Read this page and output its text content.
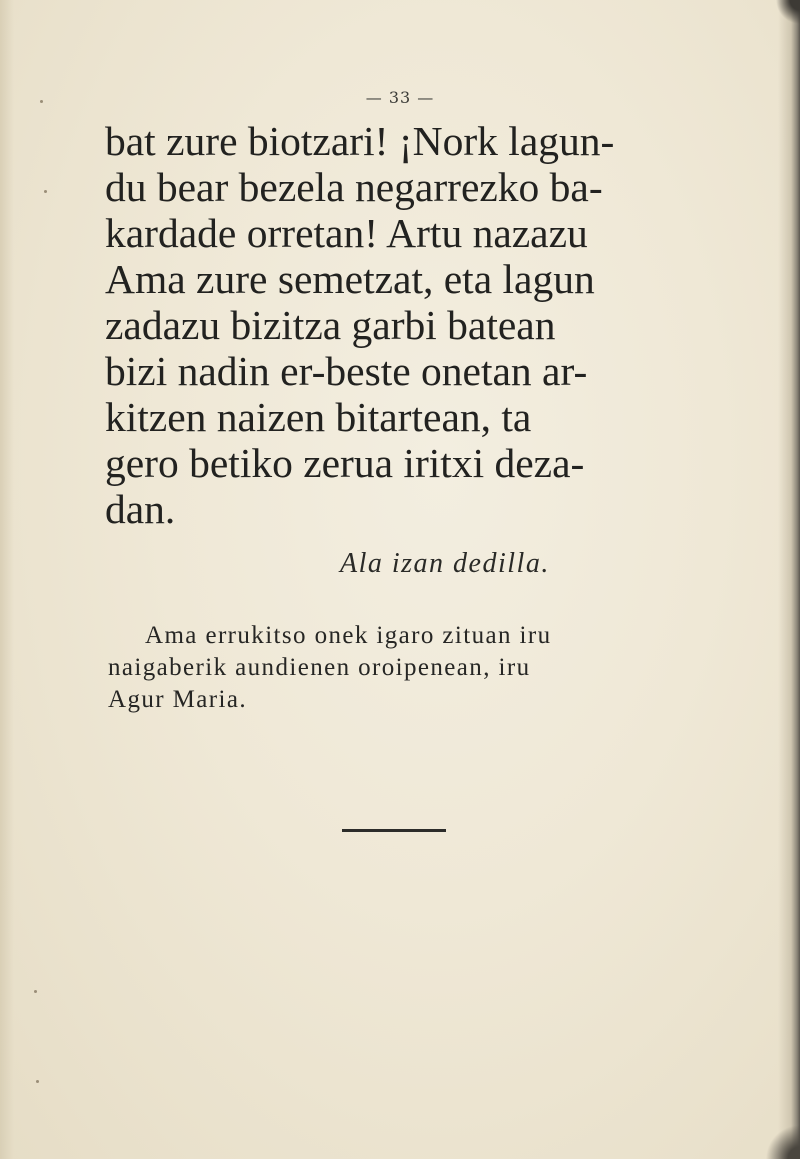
— 33 —
bat zure biotzari! ¡Nork lagun-
du bear bezela negarrezko ba-
kardade orretan! Artu nazazu
Ama zure semetzat, eta lagun
zadazu bizitza garbi batean
bizi nadin er-beste onetan ar-
kitzen naizen bitartean, ta
gero betiko zerua iritxi deza-
dan.
Ala izan dedilla.
Ama errukitso onek igaro zituan iru
naigaberik aundienen oroipenean, iru
Agur Maria.
